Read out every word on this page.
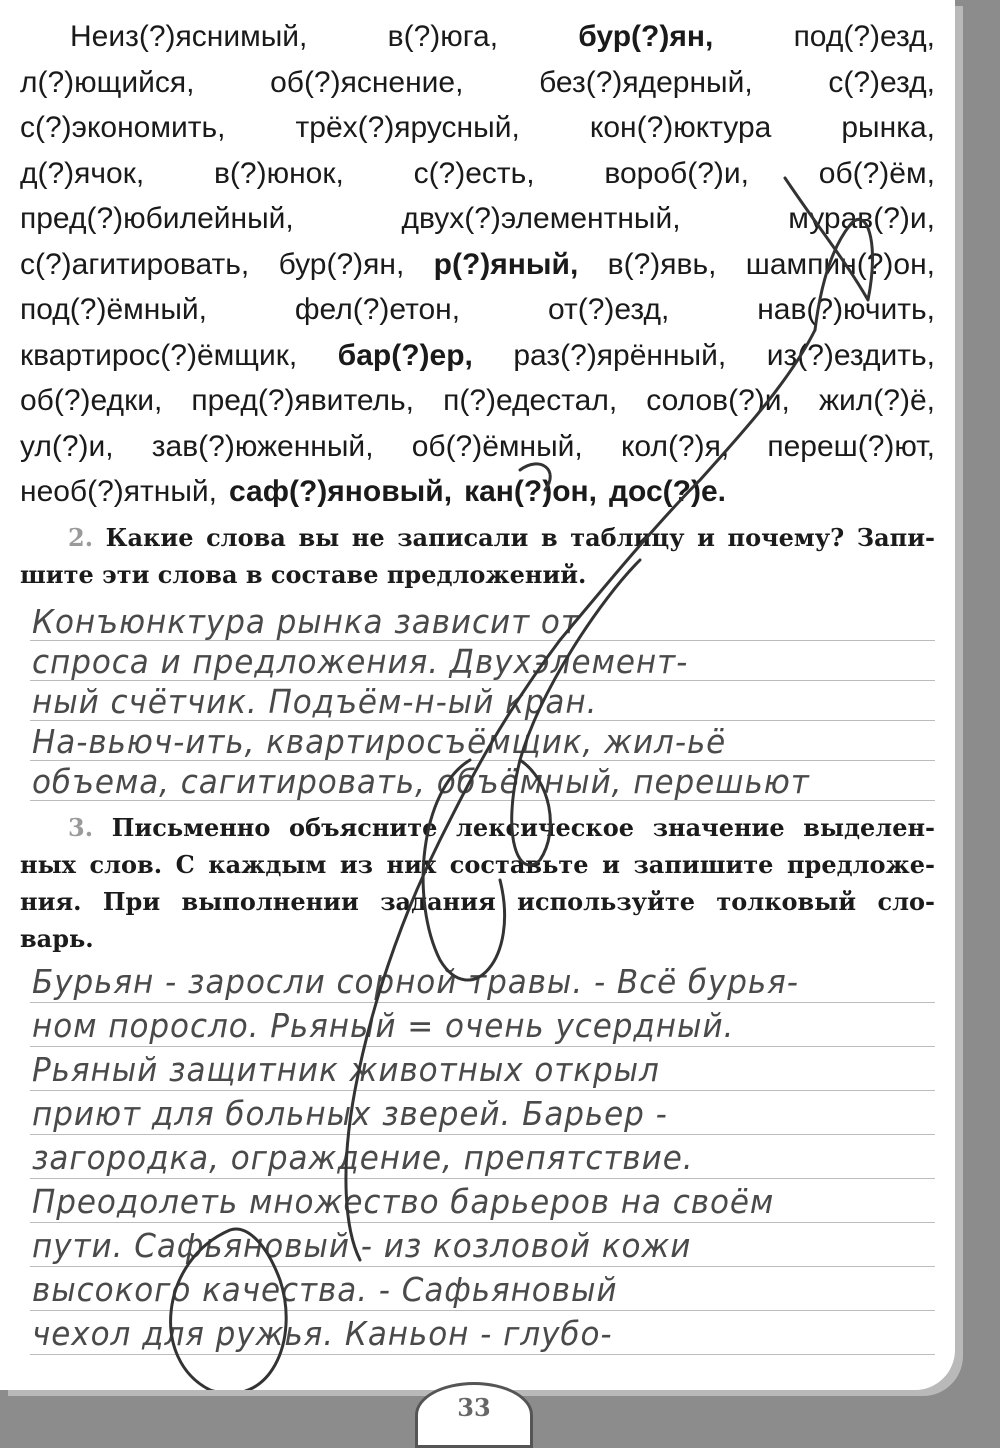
Неиз(?)яснимый,	в(?)юга,	бур(?)ян,	под(?)езд,
л(?)ющийся,	об(?)яснение,	без(?)ядерный,	с(?)езд,
с(?)экономить, трёх(?)ярусный, кон(?)юктура рынка,
д(?)ячок, в(?)юнок, с(?)есть, вороб(?)и, об(?)ём,
пред(?)юбилейный,	двух(?)элементный,	мурав(?)и,
с(?)агитировать, бур(?)ян, р(?)яный, в(?)явь, шампин(?)он,
под(?)ёмный,	фел(?)етон,	от(?)езд,	нав(?)ючить,
квартирос(?)ёмщик, бар(?)ер, раз(?)ярённый, из(?)ездить,
об(?)едки, пред(?)явитель, п(?)едестал, солов(?)и, жил(?)ё,
ул(?)и, зав(?)юженный, об(?)ёмный, кол(?)я, переш(?)ют,
необ(?)ятный, саф(?)яновый, кан(?)он, дос(?)е.
2. Какие слова вы не записали в таблицу и почему? Запи-
шите эти слова в составе предложений.
Конъюнктура рынка зависит от
спроса и предложения. Двухэлемент-
ный счётчик. Подъём-н-ый кран.
На-вьюч-ить, квартиросъёмщик, жил-ьё
объема, сагитировать, объёмный, перешьют
3. Письменно объясните лексическое значение выделен-
ных слов. С каждым из них составьте и запишите предложе-
ния. При выполнении задания используйте толковый сло-
варь.
Бурьян - заросли сорной травы. - Всё бурья-
ном поросло. Рьяный = очень усердный.
Рьяный защитник животных открыл
приют для больных зверей. Барьер -
загородка, ограждение, препятствие.
Преодолеть множество барьеров на своём
пути. Сафьяновый - из козловой кожи
высокого качества. - Сафьяновый
чехол для ружья. Каньон - глубо-
33
